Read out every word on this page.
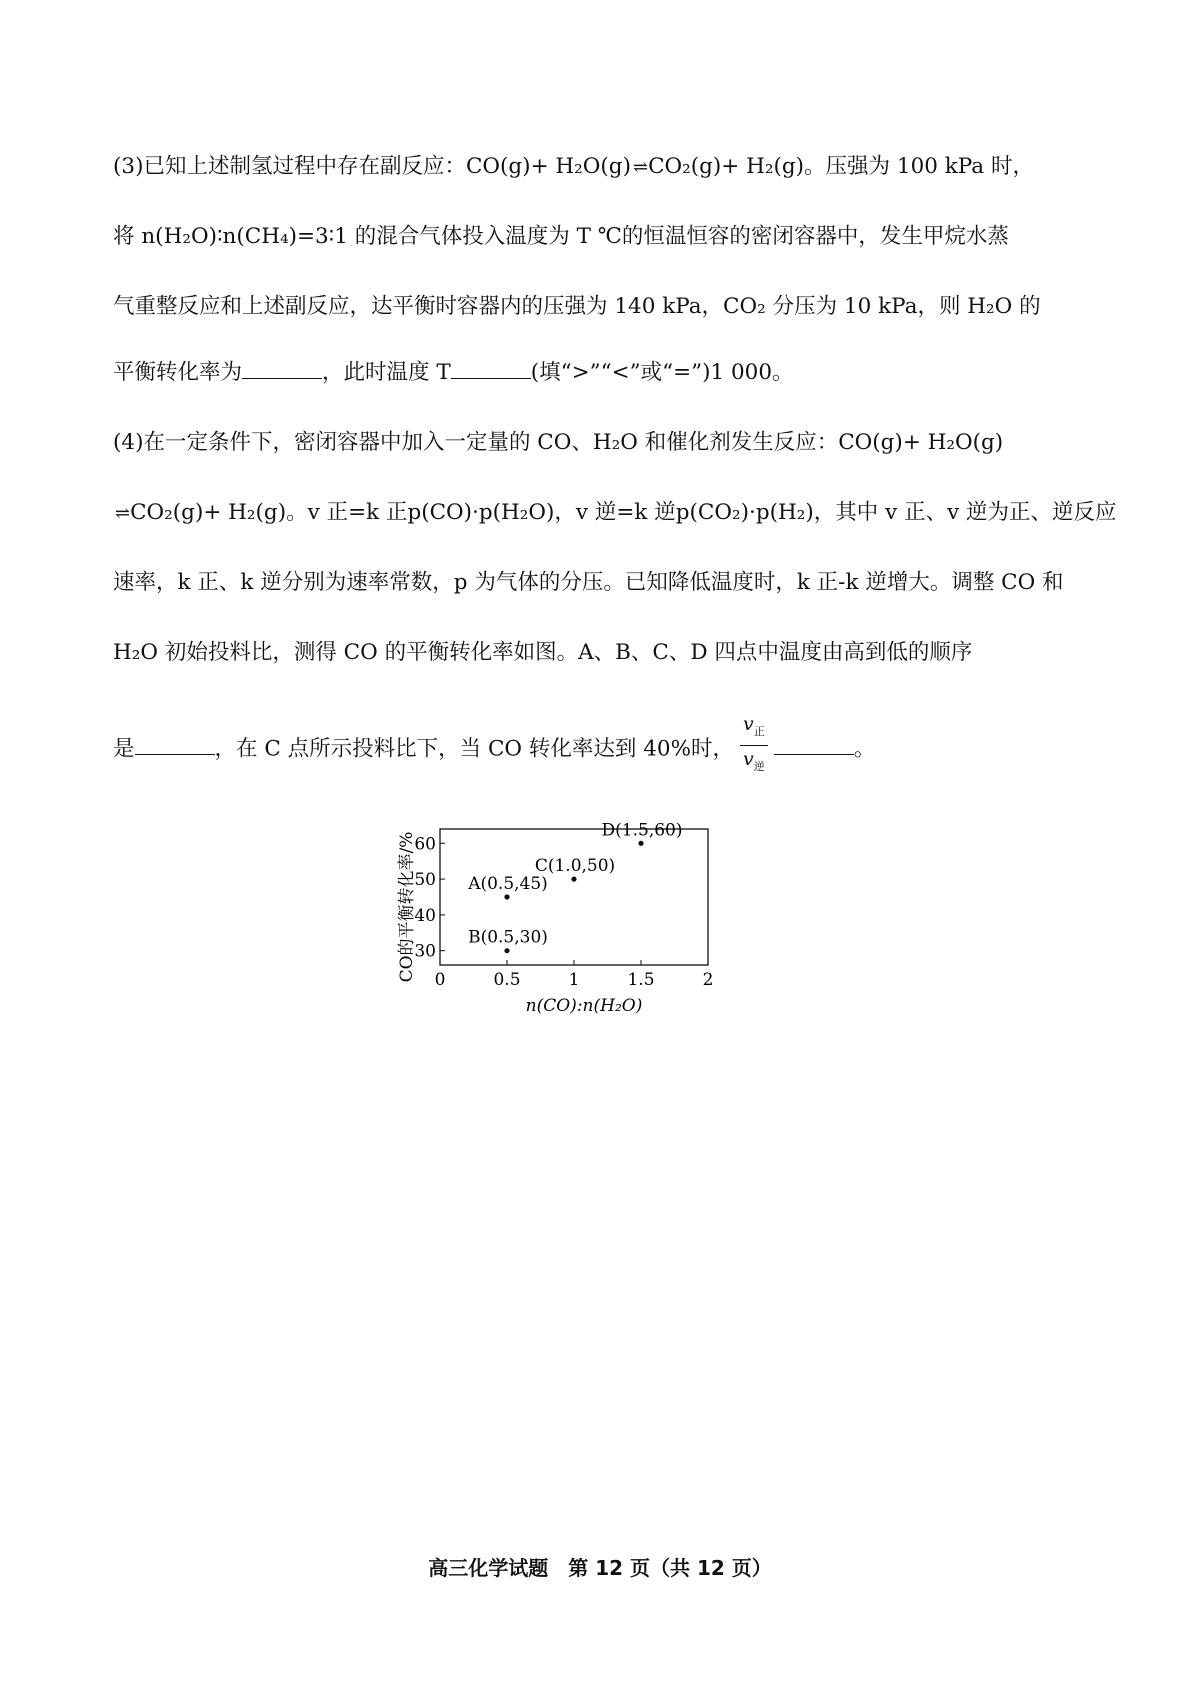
(3)已知上述制氢过程中存在副反应：CO(g)+ H₂O(g) ⇌CO₂(g)+ H₂(g)。压强为 100 kPa 时，
将 n(H₂O)∶n(CH₄)=3∶1 的混合气体投入温度为 T ℃的恒温恒容的密闭容器中，发生甲烷水蒸
气重整反应和上述副反应，达平衡时容器内的压强为 140 kPa，CO₂ 分压为 10 kPa，则 H₂O 的
平衡转化率为	，此时温度 T	(填“>”“<”或“=”)1 000。
(4)在一定条件下，密闭容器中加入一定量的 CO、H₂O 和催化剂发生反应：CO(g)+ H₂O(g)
⇌CO₂(g)+ H₂(g)。v 正=k 正p(CO)·p(H₂O)，v 逆=k 逆p(CO₂)·p(H₂)，其中 v 正、v 逆为正、逆反应
速率，k 正、k 逆分别为速率常数，p 为气体的分压。已知降低温度时，k 正-k 逆增大。调整 CO 和
H₂O 初始投料比，测得 CO 的平衡转化率如图。A、B、C、D 四点中温度由高到低的顺序
是	，在 C 点所示投料比下，当 CO 转化率达到 40%时， $\frac{v_正}{v_逆}$	。
0	0.5	1	1.5	2
30
40
50
60
A(0.5,45)
B(0.5,30)
C(1.0,50)
D(1.5,60)
n(CO):n(H₂O)
CO的平衡转化率/%
高三化学试题　第 12 页（共 12 页）
